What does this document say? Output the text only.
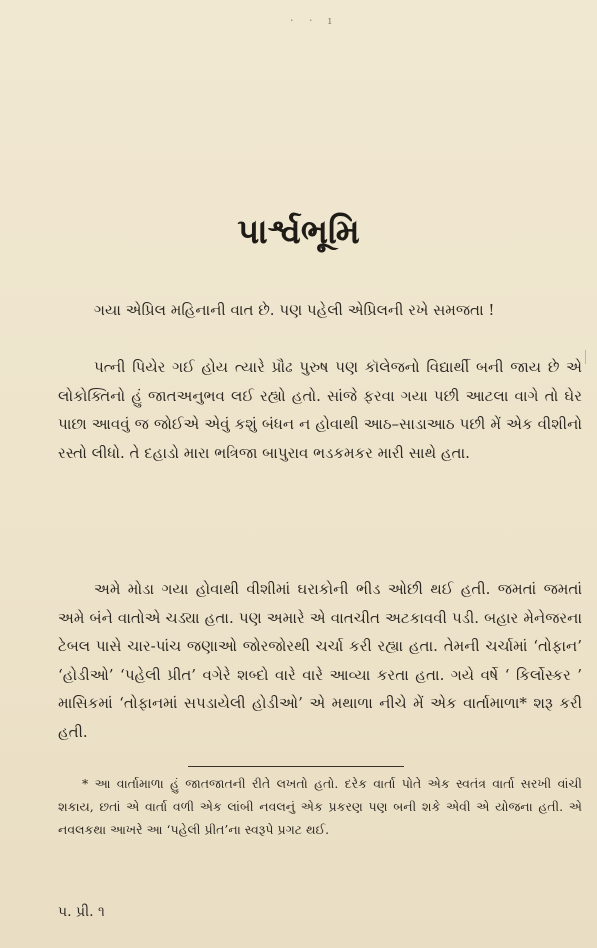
· · ı
પાર્શ્વભૂમિ
ગયા એપ્રિલ મહિનાની વાત છે. પણ પહેલી એપ્રિલની રખે સમજતા !
પત્ની પિયેર ગઈ હોય ત્યારે પ્રૌઢ પુરુષ પણ કૉલેજનો વિદ્યાર્થી બની જાય છે એ લોકોક્તિનો હું જાતઅનુભવ લઈ રહ્યો હતો. સાંજે ફરવા ગયા પછી આટલા વાગે તો ઘેર પાછા આવવું જ જોઈએ એવું કશું બંધન ન હોવાથી આઠ–સાડાઆઠ પછી મેં એક વીશીનો રસ્તો લીધો. તે દહાડો મારા ભત્રિજા બાપુરાવ ભડકમકર મારી સાથે હતા.
અમે મોડા ગયા હોવાથી વીશીમાં ઘરાકોની ભીડ ઓછી થઈ હતી. જમતાં જમતાં અમે બંને વાતોએ ચડ્યા હતા. પણ અમારે એ વાતચીત અટકાવવી પડી. બહાર મેનેજરના ટેબલ પાસે ચાર-પાંચ જણાઓ જોરજોરથી ચર્ચા કરી રહ્યા હતા. તેમની ચર્ચામાં ‘તોફાન’ ‘હોડીઓ’ ‘પહેલી પ્રીત’ વગેરે શબ્દો વારે વારે આવ્યા કરતા હતા. ગયે વર્ષે ‘ કિર્લોસ્કર ’ માસિકમાં ‘તોફાનમાં સપડાયેલી હોડીઓ’ એ મથાળા નીચે મેં એક વાર્તામાળા* શરૂ કરી હતી.
* આ વાર્તામાળા હું જાતજાતની રીતે લખતો હતો. દરેક વાર્તા પોતે એક સ્વતંત્ર વાર્તા સરખી વાંચી શકાય, છતાં એ વાર્તા વળી એક લાંબી નવલનું એક પ્રકરણ પણ બની શકે એવી એ યોજના હતી. એ નવલકથા આખરે આ ‘પહેલી પ્રીત’ના સ્વરૂપે પ્રગટ થઈ.
પ. પ્રી. ૧
